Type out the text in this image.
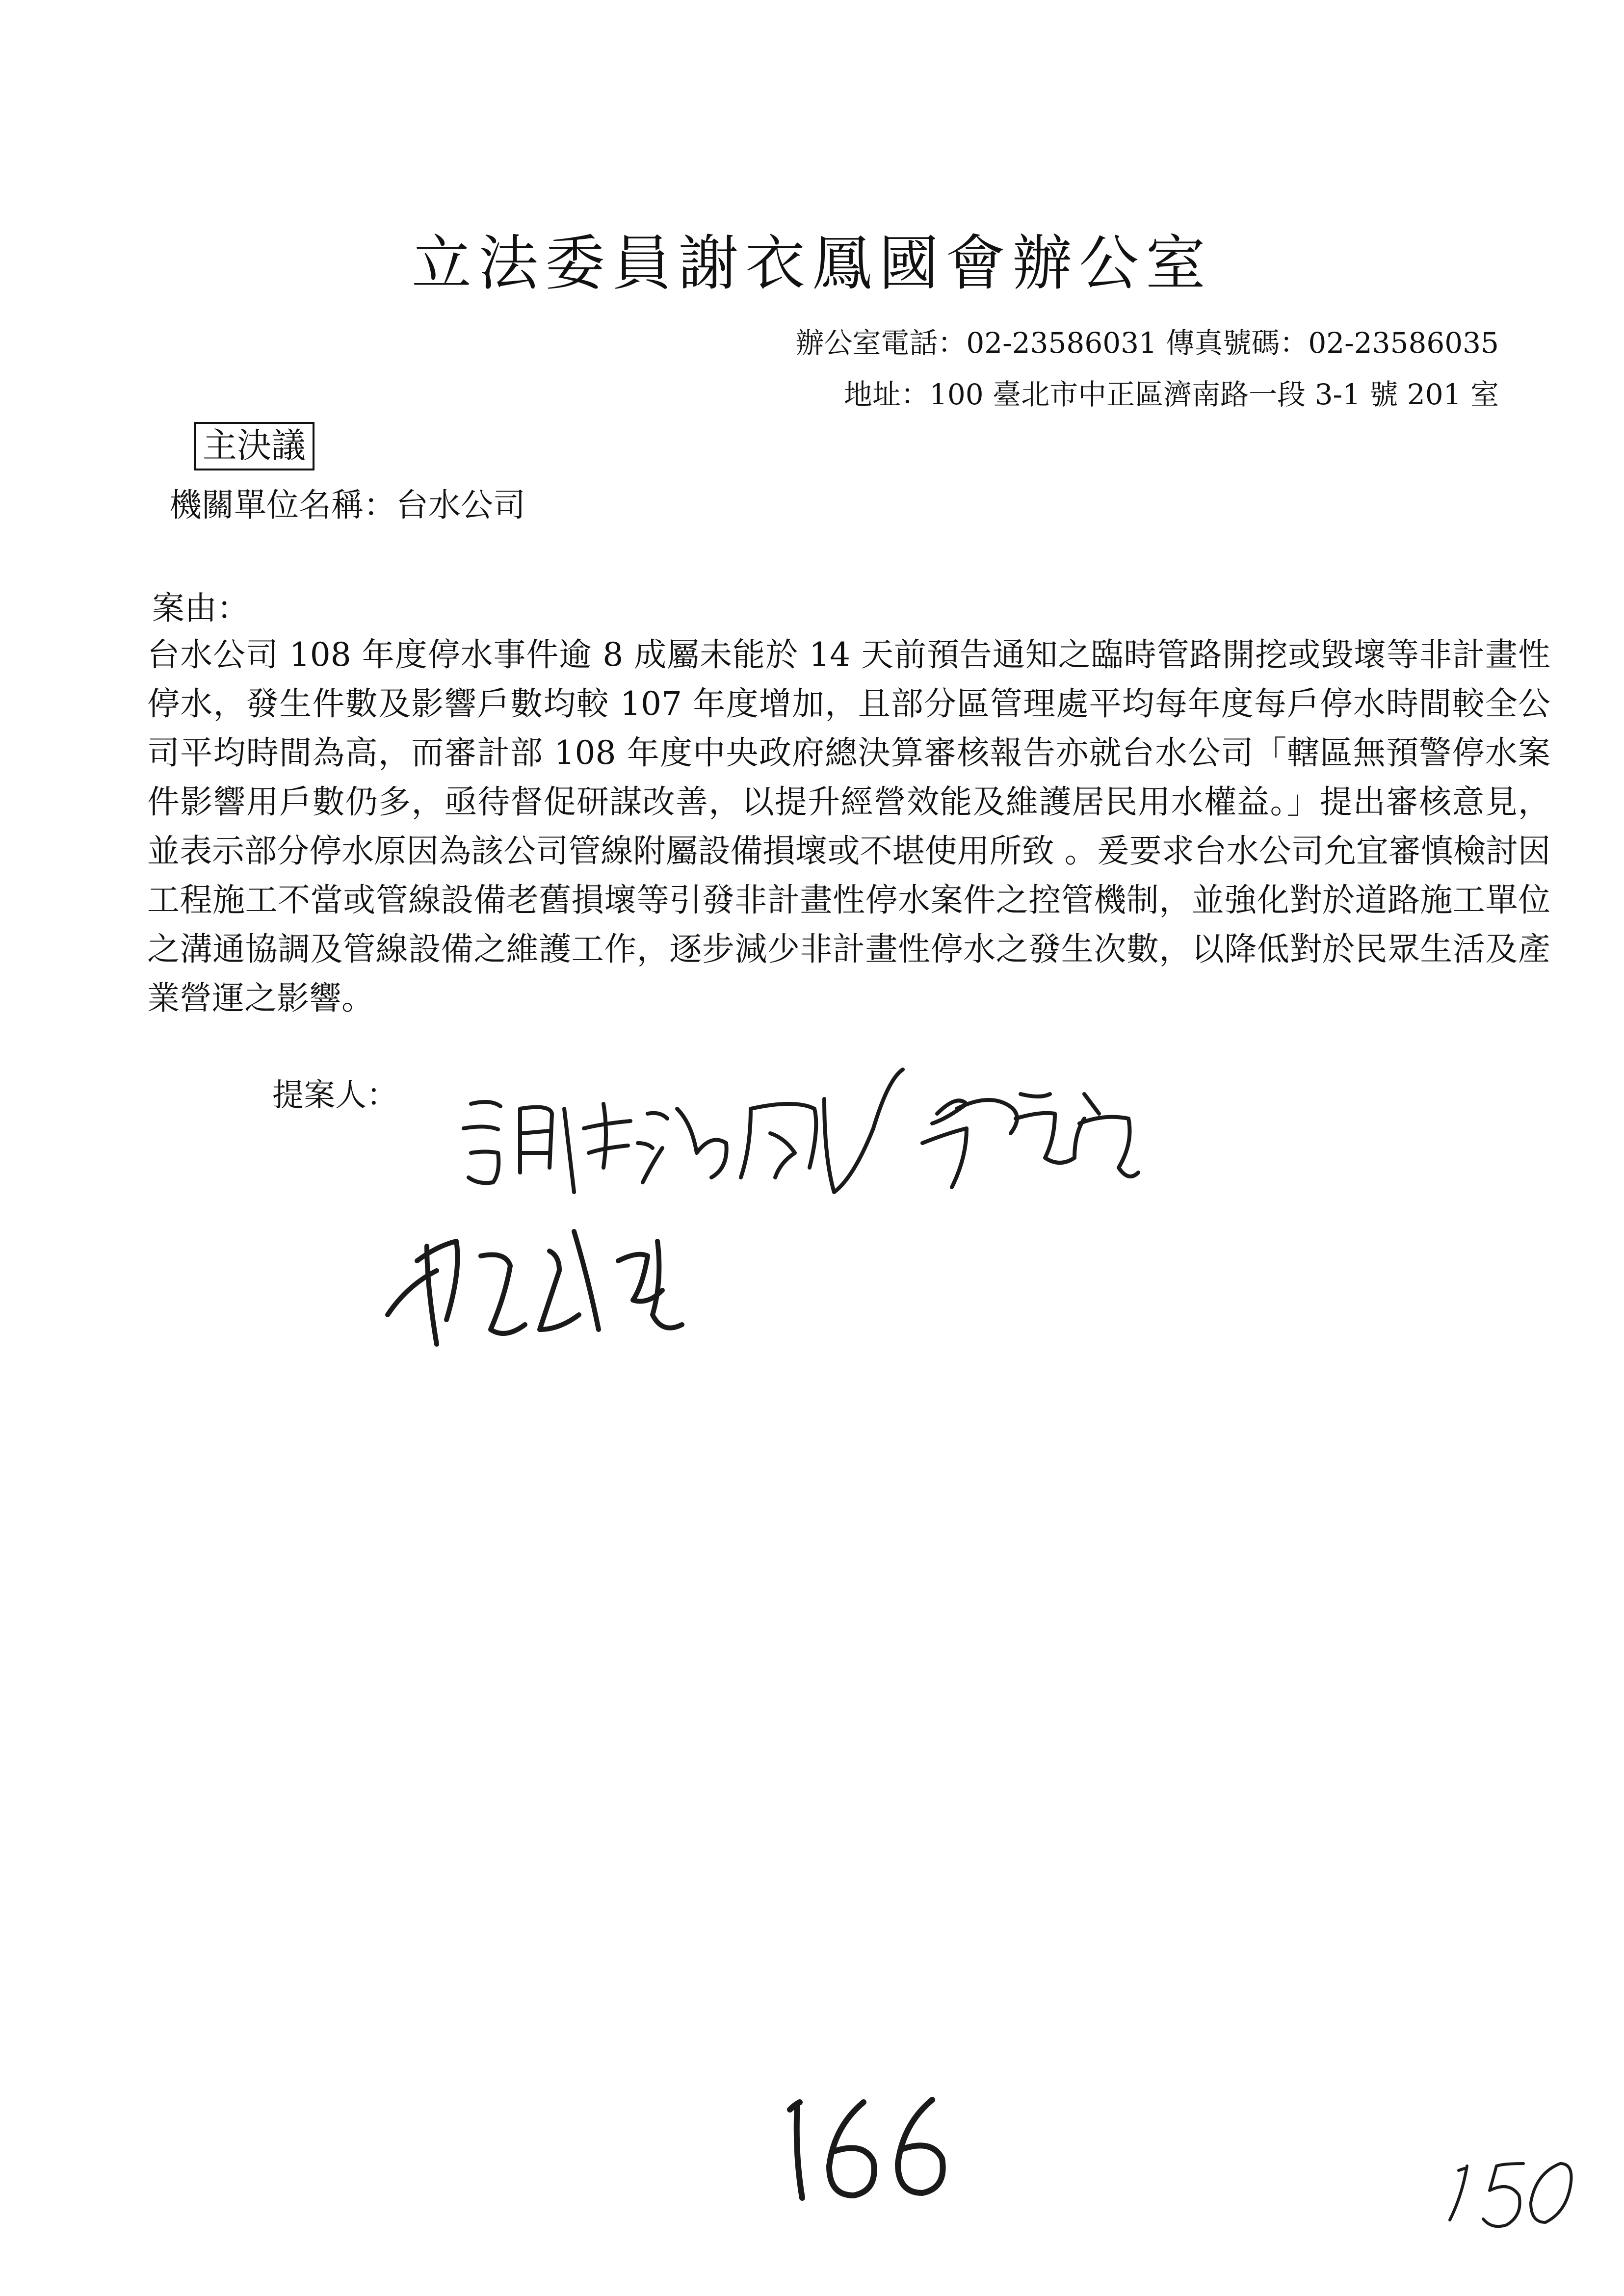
立法委員謝衣鳳國會辦公室
辦公室電話：02-23586031 傳真號碼：02-23586035
地址：100 臺北市中正區濟南路一段 3-1 號 201 室
主決議
機關單位名稱：台水公司
案由：

台水公司 108 年度停水事件逾 8 成屬未能於 14 天前預告通知之臨時管路開挖或毀壞等非計畫性停水，發生件數及影響戶數均較 107 年度增加，且部分區管理處平均每年度每戶停水時間較全公司平均時間為高，而審計部 108 年度中央政府總決算審核報告亦就台水公司「轄區無預警停水案件影響用戶數仍多，亟待督促研謀改善，以提升經營效能及維護居民用水權益。」提出審核意見，並表示部分停水原因為該公司管線附屬設備損壞或不堪使用所致 。爰要求台水公司允宜審慎檢討因工程施工不當或管線設備老舊損壞等引發非計畫性停水案件之控管機制，並強化對於道路施工單位之溝通協調及管線設備之維護工作，逐步減少非計畫性停水之發生次數，以降低對於民眾生活及產業營運之影響。

提案人：
